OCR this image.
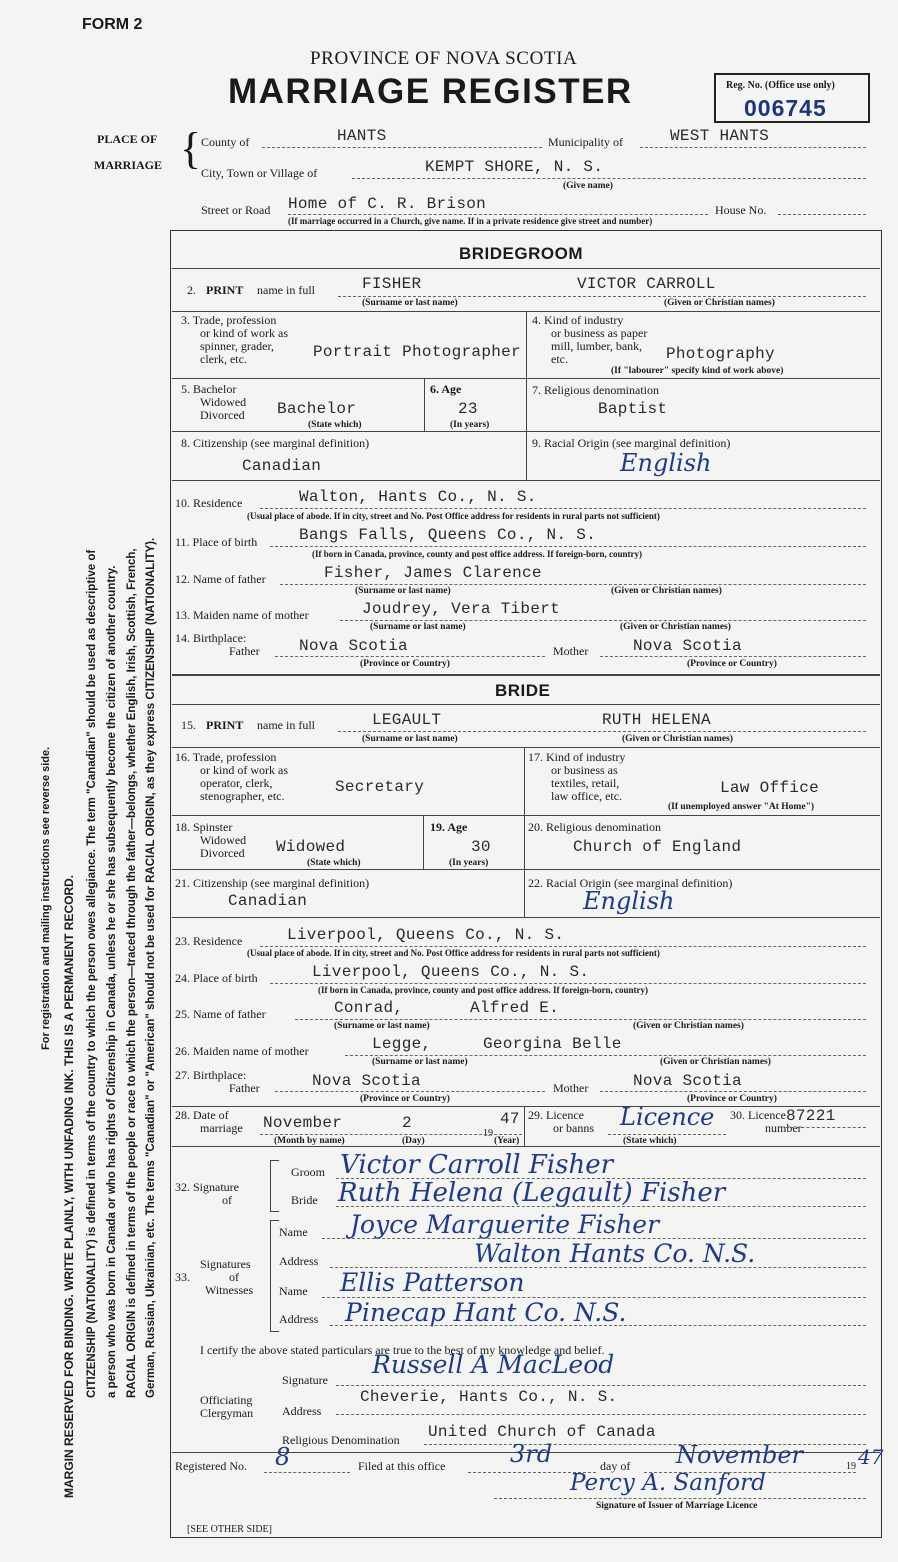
FORM 2
PROVINCE OF NOVA SCOTIA
MARRIAGE REGISTER	Reg. No. (Office use only)
006745
PLACE OF
MARRIAGE { County of	HANTS	Municipality of	WEST HANTS
City, Town or Village of	KEMPT SHORE, N. S.
(Give name)
Street or Road Home of C. R. Brison	House No.
(If marriage occurred in a Church, give name. If in a private residence give street and number)
For registration and mailing instructions see reverse side. MARGIN RESERVED FOR BINDING. WRITE PLAINLY, WITH UNFADING INK. THIS IS A PERMANENT RECORD. CITIZENSHIP (NATIONALITY) is defined in terms of the country to which the person owes allegiance. The term "Canadian" should be used as descriptive of a person who was born in Canada or who has rights of Citizenship in Canada, unless he or she has subsequently become the citizen of another country. RACIAL ORIGIN is defined in terms of the people or race to which the person—traced through the father—belongs, whether English, Irish, Scottish, French, German, Russian, Ukrainian, etc. The terms "Canadian" or "American" should not be used for RACIAL ORIGIN, as they express CITIZENSHIP (NATIONALITY).
BRIDEGROOM
2. PRINT name in full	FISHER	VICTOR CARROLL
(Surname or last name)	(Given or Christian names)
3. Trade, profession
or kind of work as
spinner, grader,
clerk, etc.	Portrait Photographer
4. Kind of industry
or business as paper
mill, lumber, bank,
etc.	Photography
(If "labourer" specify kind of work above)
5. Bachelor
Widowed
Divorced Bachelor
(State which)
6. Age
23
(In years)
7. Religious denomination
Baptist
8. Citizenship (see marginal definition)
Canadian
9. Racial Origin (see marginal definition)
English
10. Residence	Walton, Hants Co., N. S.
(Usual place of abode. If in city, street and No. Post Office address for residents in rural parts not sufficient)
11. Place of birth	Bangs Falls, Queens Co., N. S.
(If born in Canada, province, county and post office address. If foreign-born, country)
12. Name of father	Fisher, James Clarence
(Surname or last name)	(Given or Christian names)
13. Maiden name of mother	Joudrey, Vera Tibert
(Surname or last name)	(Given or Christian names)
14. Birthplace:
Father Nova Scotia	Mother	Nova Scotia
(Province or Country)	(Province or Country)
BRIDE
15. PRINT name in full	LEGAULT	RUTH HELENA
(Surname or last name)	(Given or Christian names)
16. Trade, profession
or kind of work as
operator, clerk,
stenographer, etc.	Secretary
17. Kind of industry
or business as
textiles, retail,
law office, etc.	Law Office
(If unemployed answer "At Home")
18. Spinster
Widowed
Divorced Widowed
(State which)
19. Age
30
(In years)
20. Religious denomination
Church of England
21. Citizenship (see marginal definition)
Canadian
22. Racial Origin (see marginal definition)
English
23. Residence	Liverpool, Queens Co., N. S.
(Usual place of abode. If in city, street and No. Post Office address for residents in rural parts not sufficient)
24. Place of birth	Liverpool, Queens Co., N. S.
(If born in Canada, province, county and post office address. If foreign-born, country)
25. Name of father	Conrad,	Alfred E.
(Surname or last name)	(Given or Christian names)
26. Maiden name of mother	Legge,	Georgina Belle
(Surname or last name)	(Given or Christian names)
27. Birthplace:
Father	Nova Scotia	Mother	Nova Scotia
(Province or Country)	(Province or Country)
28. Date of
marriage November	2
19
47
(Month by name)	(Day)	(Year)
29. Licence
or banns Licence
(State which)
30. Licence
number
87221
32. Signature
of
Groom Victor Carroll Fisher
Bride Ruth Helena (Legault) Fisher
Signatures
of
Witnesses
33.
Name Joyce Marguerite Fisher
Address	Walton Hants Co. N.S.
Name Ellis Patterson
Address Pinecap Hant Co. N.S.
I certify the above stated particulars are true to the best of my knowledge and belief.
Officiating
Clergyman
Signature
Russell A MacLeod
Address
Cheverie, Hants Co., N. S.
Religious Denomination United Church of Canada
Registered No. 8	Filed at this office	3rd	day of November	19 47
Percy A. Sanford
Signature of Issuer of Marriage Licence
[SEE OTHER SIDE]
